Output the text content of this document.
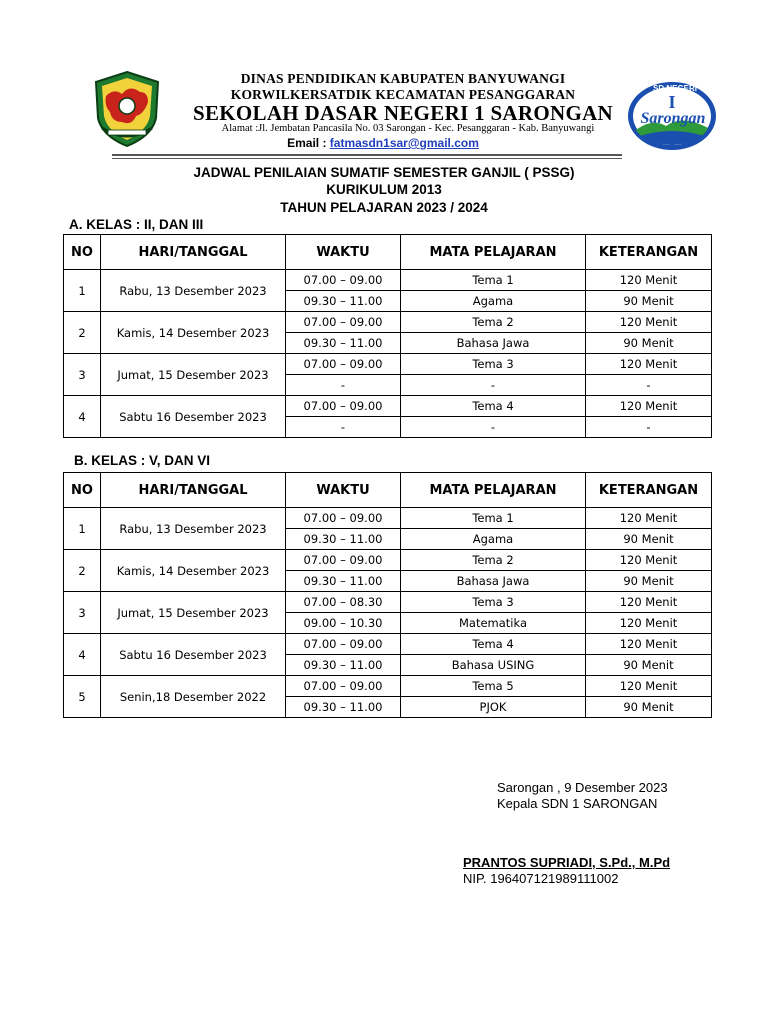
SD NEGERI
I
Sarongan
DINAS PENDIDIKAN KABUPATEN BANYUWANGI
KORWILKERSATDIK KECAMATAN PESANGGARAN
SEKOLAH DASAR NEGERI 1 SARONGAN
Alamat :Jl. Jembatan Pancasila No. 03 Sarongan - Kec. Pesanggaran - Kab. Banyuwangi
Email : fatmasdn1sar@gmail.com
JADWAL PENILAIAN SUMATIF SEMESTER GANJIL ( PSSG)
KURIKULUM 2013
TAHUN PELAJARAN 2023 / 2024
A. KELAS : II, DAN III
NO	HARI/TANGGAL	WAKTU	MATA PELAJARAN	KETERANGAN
1	Rabu, 13 Desember 2023	07.00 – 09.00	Tema 1	120 Menit
		09.30 – 11.00	Agama	90 Menit
2	Kamis, 14 Desember 2023	07.00 – 09.00	Tema 2	120 Menit
		09.30 – 11.00	Bahasa Jawa	90 Menit
3	Jumat, 15 Desember 2023	07.00 – 09.00	Tema 3	120 Menit
		-	-	-
4	Sabtu 16 Desember 2023	07.00 – 09.00	Tema 4	120 Menit
		-	-	-
B. KELAS : V, DAN VI
NO	HARI/TANGGAL	WAKTU	MATA PELAJARAN	KETERANGAN
1	Rabu, 13 Desember 2023	07.00 – 09.00	Tema 1	120 Menit
		09.30 – 11.00	Agama	90 Menit
2	Kamis, 14 Desember 2023	07.00 – 09.00	Tema 2	120 Menit
		09.30 – 11.00	Bahasa Jawa	90 Menit
3	Jumat, 15 Desember 2023	07.00 – 08.30	Tema 3	120 Menit
		09.00 – 10.30	Matematika	120 Menit
4	Sabtu 16 Desember 2023	07.00 – 09.00	Tema 4	120 Menit
		09.30 – 11.00	Bahasa USING	90 Menit
5	Senin,18 Desember 2022	07.00 – 09.00	Tema 5	120 Menit
		09.30 – 11.00	PJOK	90 Menit
Sarongan , 9 Desember 2023
Kepala SDN 1 SARONGAN
PRANTOS SUPRIADI, S.Pd., M.Pd
NIP. 196407121989111002
